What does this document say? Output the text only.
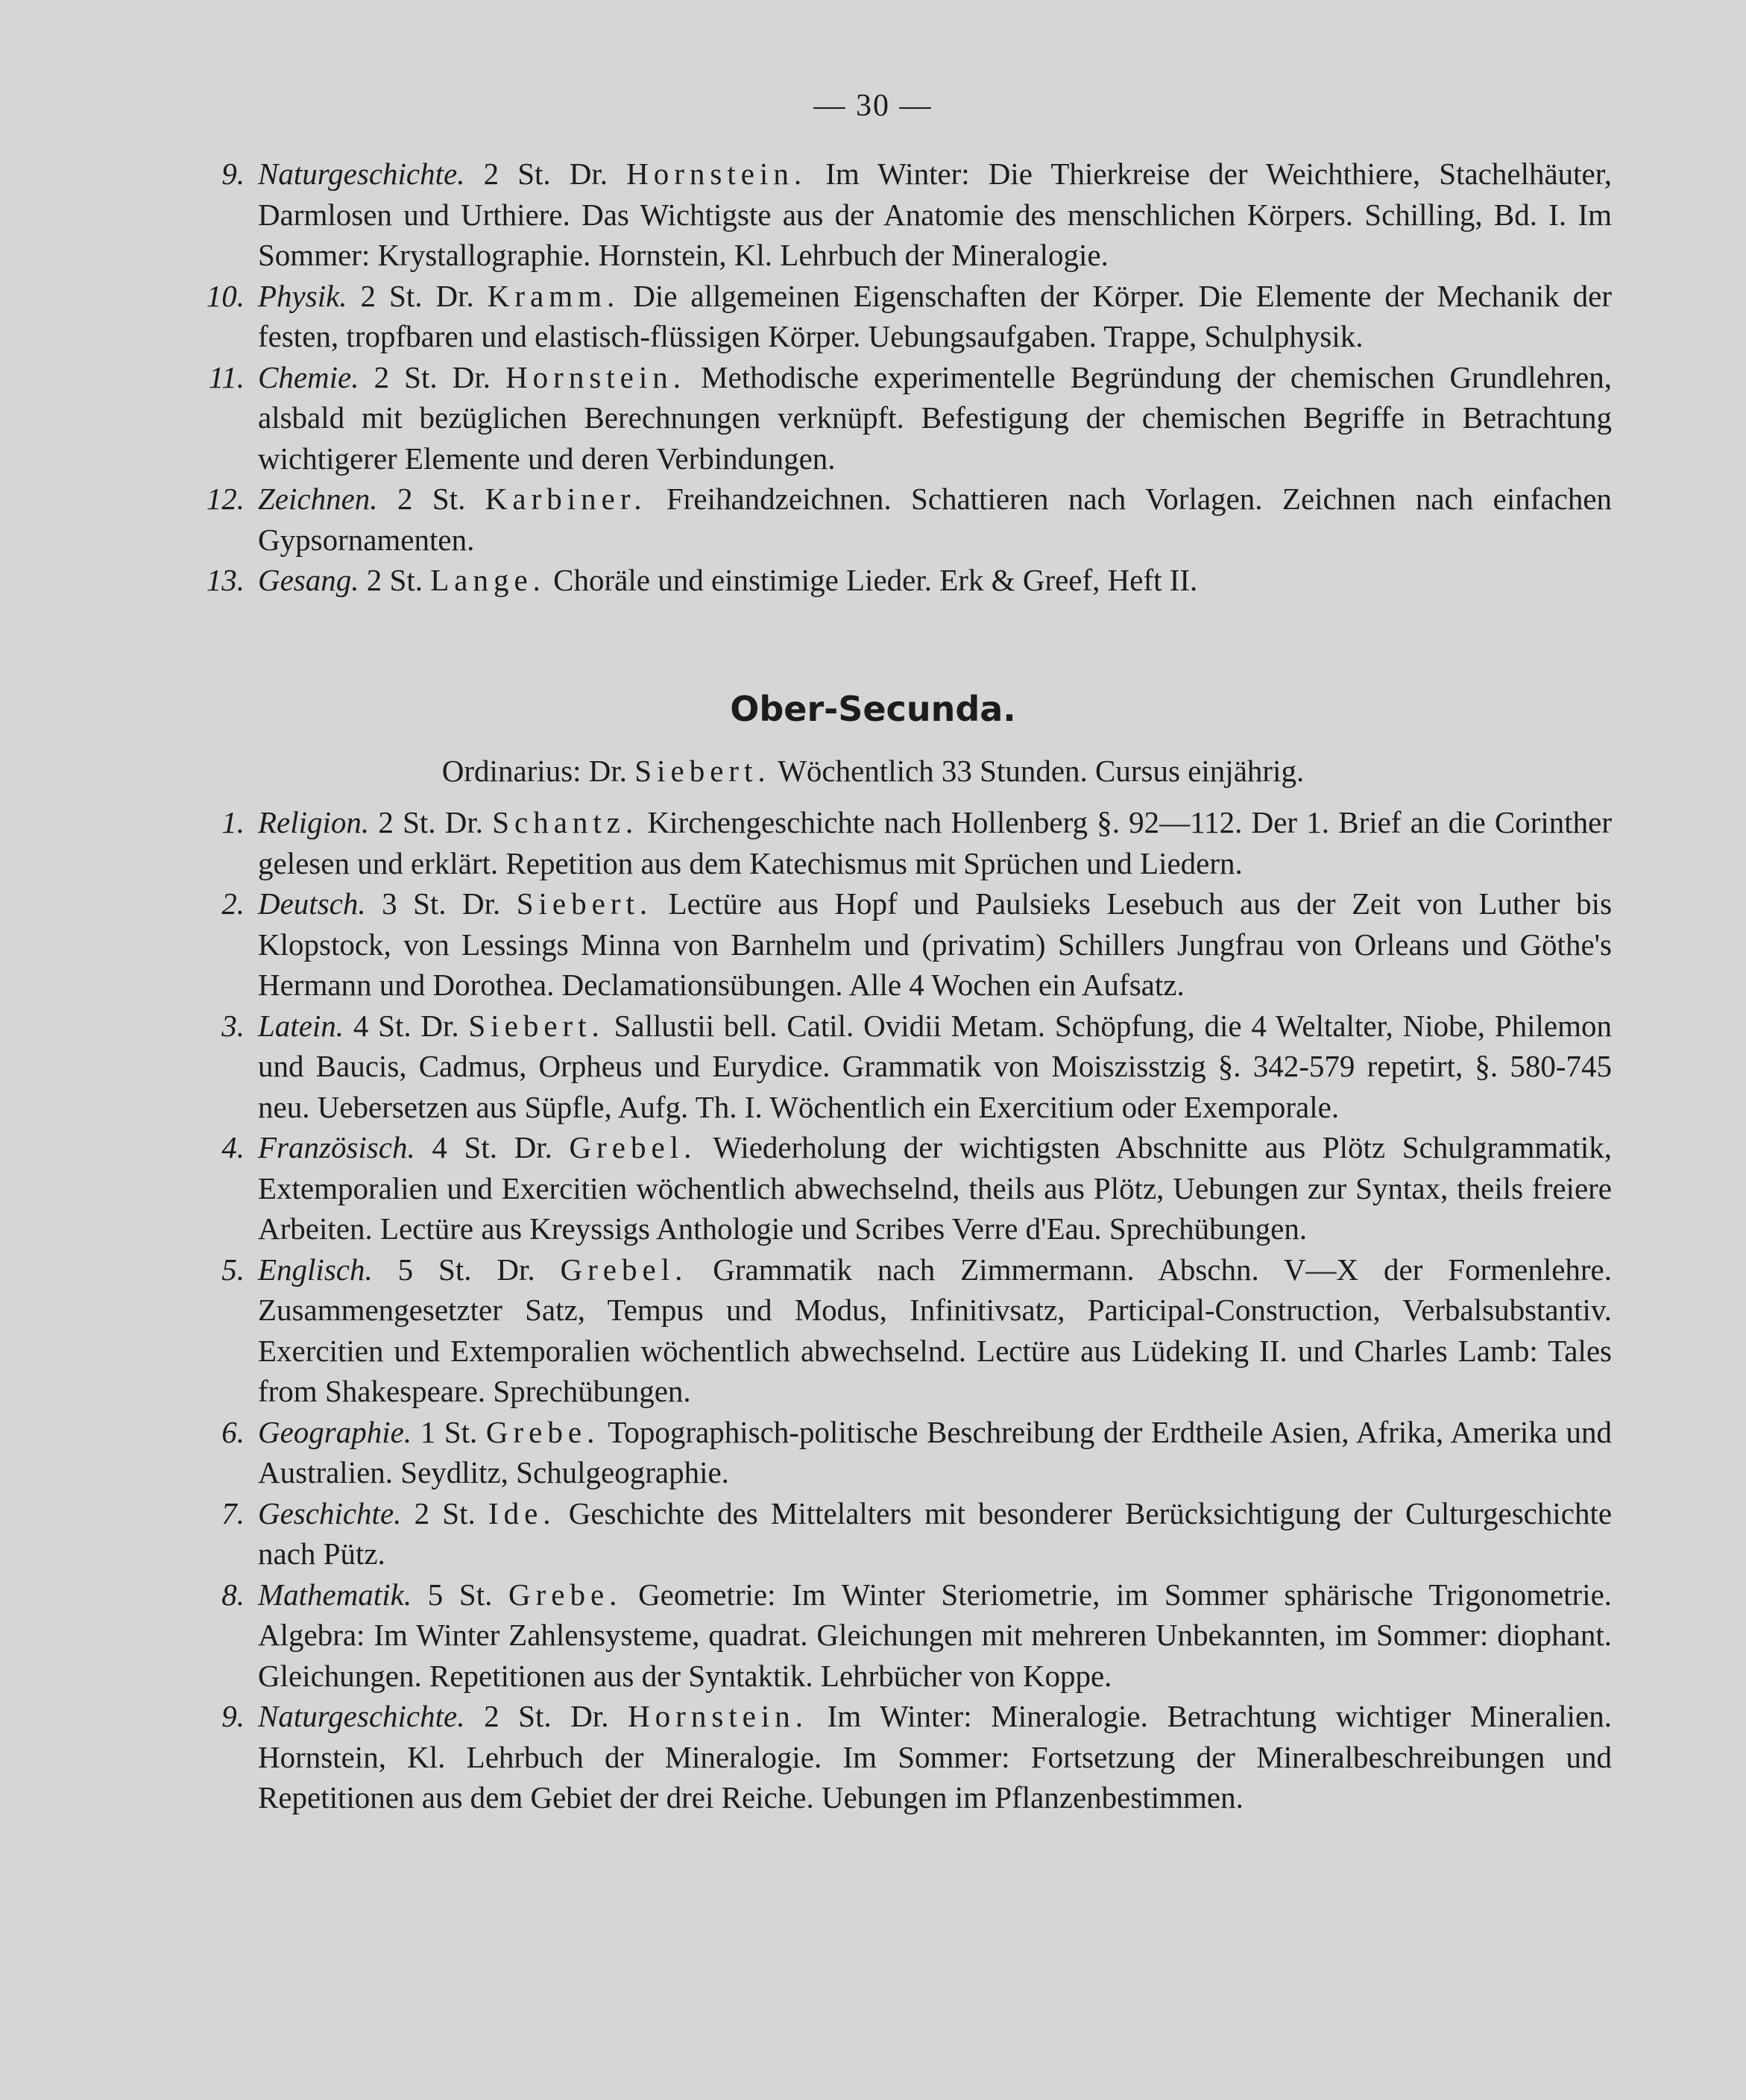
— 30 —
9. Naturgeschichte. 2 St. Dr. Hornstein. Im Winter: Die Thierkreise der Weichthiere, Stachelhäuter, Darmlosen und Urthiere. Das Wichtigste aus der Anatomie des menschlichen Körpers. Schilling, Bd. I. Im Sommer: Krystallographie. Hornstein, Kl. Lehrbuch der Mineralogie.
10. Physik. 2 St. Dr. Kramm. Die allgemeinen Eigenschaften der Körper. Die Elemente der Mechanik der festen, tropfbaren und elastisch-flüssigen Körper. Uebungsaufgaben. Trappe, Schulphysik.
11. Chemie. 2 St. Dr. Hornstein. Methodische experimentelle Begründung der chemischen Grundlehren, alsbald mit bezüglichen Berechnungen verknüpft. Befestigung der chemischen Begriffe in Betrachtung wichtigerer Elemente und deren Verbindungen.
12. Zeichnen. 2 St. Karbiner. Freihandzeichnen. Schattieren nach Vorlagen. Zeichnen nach einfachen Gypsornamenten.
13. Gesang. 2 St. Lange. Choräle und einstimige Lieder. Erk & Greef, Heft II.
Ober-Secunda.
Ordinarius: Dr. Siebert. Wöchentlich 33 Stunden. Cursus einjährig.
1. Religion. 2 St. Dr. Schantz. Kirchengeschichte nach Hollenberg §. 92—112. Der 1. Brief an die Corinther gelesen und erklärt. Repetition aus dem Katechismus mit Sprüchen und Liedern.
2. Deutsch. 3 St. Dr. Siebert. Lectüre aus Hopf und Paulsieks Lesebuch aus der Zeit von Luther bis Klopstock, von Lessings Minna von Barnhelm und (privatim) Schillers Jungfrau von Orleans und Göthe's Hermann und Dorothea. Declamationsübungen. Alle 4 Wochen ein Aufsatz.
3. Latein. 4 St. Dr. Siebert. Sallustii bell. Catil. Ovidii Metam. Schöpfung, die 4 Weltalter, Niobe, Philemon und Baucis, Cadmus, Orpheus und Eurydice. Grammatik von Moiszisstzig §. 342-579 repetirt, §. 580-745 neu. Uebersetzen aus Süpfle, Aufg. Th. I. Wöchentlich ein Exercitium oder Exemporale.
4. Französisch. 4 St. Dr. Grebel. Wiederholung der wichtigsten Abschnitte aus Plötz Schulgrammatik, Extemporalien und Exercitien wöchentlich abwechselnd, theils aus Plötz, Uebungen zur Syntax, theils freiere Arbeiten. Lectüre aus Kreyssigs Anthologie und Scribes Verre d'Eau. Sprechübungen.
5. Englisch. 5 St. Dr. Grebel. Grammatik nach Zimmermann. Abschn. V—X der Formenlehre. Zusammengesetzter Satz, Tempus und Modus, Infinitivsatz, Participal-Construction, Verbalsubstantiv. Exercitien und Extemporalien wöchentlich abwechselnd. Lectüre aus Lüdeking II. und Charles Lamb: Tales from Shakespeare. Sprechübungen.
6. Geographie. 1 St. Grebe. Topographisch-politische Beschreibung der Erdtheile Asien, Afrika, Amerika und Australien. Seydlitz, Schulgeographie.
7. Geschichte. 2 St. Ide. Geschichte des Mittelalters mit besonderer Berücksichtigung der Culturgeschichte nach Pütz.
8. Mathematik. 5 St. Grebe. Geometrie: Im Winter Steriometrie, im Sommer sphärische Trigonometrie. Algebra: Im Winter Zahlensysteme, quadrat. Gleichungen mit mehreren Unbekannten, im Sommer: diophant. Gleichungen. Repetitionen aus der Syntaktik. Lehrbücher von Koppe.
9. Naturgeschichte. 2 St. Dr. Hornstein. Im Winter: Mineralogie. Betrachtung wichtiger Mineralien. Hornstein, Kl. Lehrbuch der Mineralogie. Im Sommer: Fortsetzung der Mineralbeschreibungen und Repetitionen aus dem Gebiet der drei Reiche. Uebungen im Pflanzenbestimmen.
